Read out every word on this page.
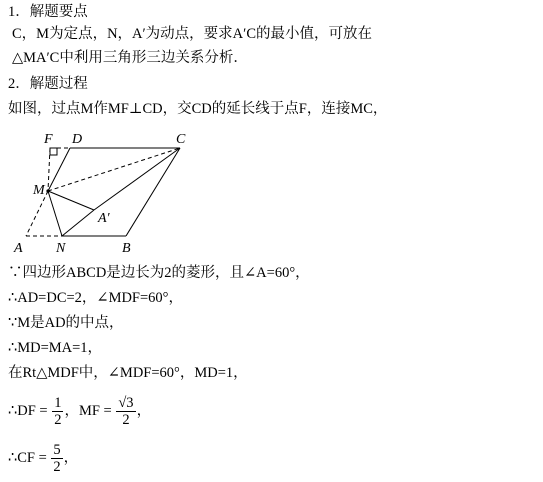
1．解题要点
C，M为定点，N，A′为动点，要求A′C的最小值，可放在
△MA′C中利用三角形三边关系分析．
2．解题过程
如图，过点M作MF⊥CD，交CD的延长线于点F，连接MC，
F D	C
M
A′
A N	B
∵四边形ABCD是边长为2的菱形，且∠A=60°，
∴AD=DC=2，∠MDF=60°，
∵M是AD的中点，
∴MD=MA=1，
在Rt△MDF中，∠MDF=60°，MD=1，
∴DF = $\frac{1}{2}$ ，MF = $\frac{√3}{2}$ ，
∴CF = $\frac{5}{2}$ ，
